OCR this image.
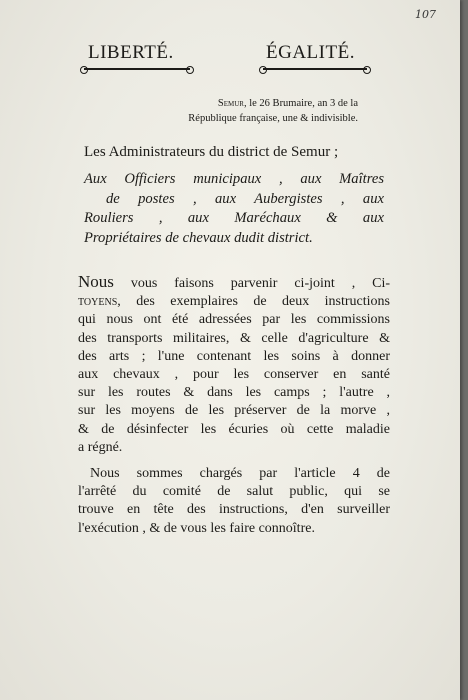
107
LIBERTÉ.	ÉGALITÉ.
Semur, le 26 Brumaire, an 3 de la
République française, une & indivisible.
Les Administrateurs du district de Semur ;
Aux Officiers municipaux , aux Maîtres
de postes , aux Aubergistes , aux
Rouliers , aux Maréchaux & aux
Propriétaires de chevaux dudit district.
Nous vous faisons parvenir ci-joint , Ci-
toyens, des exemplaires de deux instructions
qui nous ont été adressées par les commissions
des transports militaires, & celle d'agriculture &
des arts ; l'une contenant les soins à donner
aux chevaux , pour les conserver en santé
sur les routes & dans les camps ; l'autre ,
sur les moyens de les préserver de la morve ,
& de désinfecter les écuries où cette maladie
a régné.
Nous sommes chargés par l'article 4 de
l'arrêté du comité de salut public, qui se
trouve en tête des instructions, d'en surveiller
l'exécution , & de vous les faire connoître.
